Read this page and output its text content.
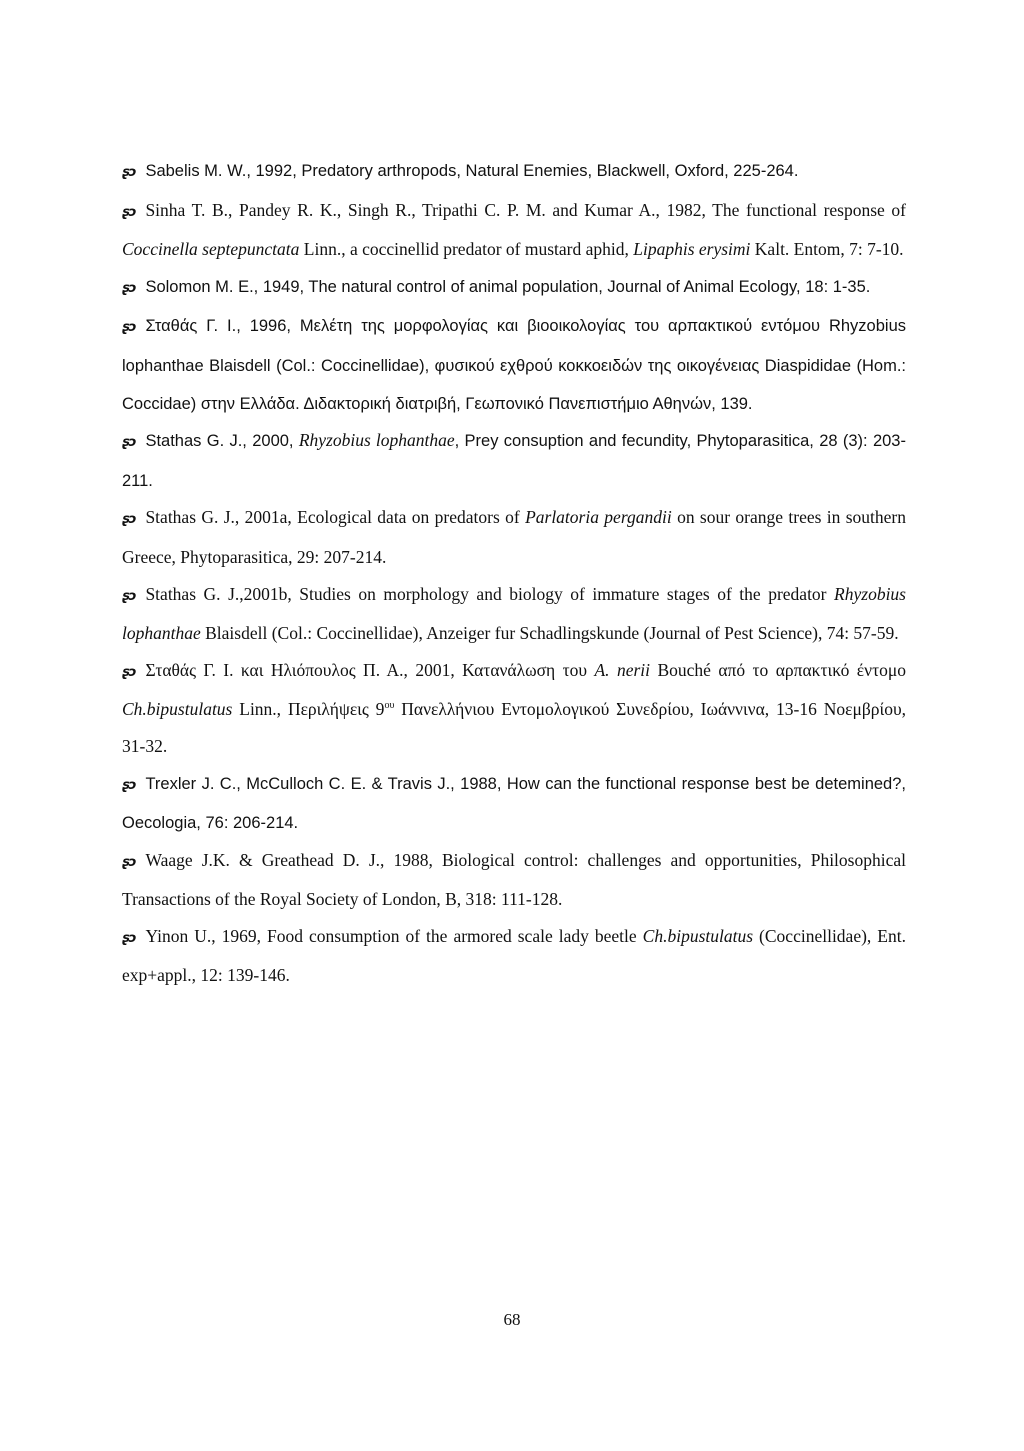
ʂɔ Sabelis M. W., 1992, Predatory arthropods, Natural Enemies, Blackwell, Oxford, 225-264.

ʂɔ Sinha T. B., Pandey R. K., Singh R., Tripathi C. P. M. and Kumar A., 1982, The functional response of Coccinella septepunctata Linn., a coccinellid predator of mustard aphid, Lipaphis erysimi Kalt. Entom, 7: 7-10.

ʂɔ Solomon M. E., 1949, The natural control of animal population, Journal of Animal Ecology, 18: 1-35.

ʂɔ Σταθάς Γ. Ι., 1996, Μελέτη της μορφολογίας και βιοοικολογίας του αρπακτικού εντόμου Rhyzobius lophanthae Blaisdell (Col.: Coccinellidae), φυσικού εχθρού κοκκοειδών της οικογένειας Diaspididae (Hom.: Coccidae) στην Ελλάδα. Διδακτορική διατριβή, Γεωπονικό Πανεπιστήμιο Αθηνών, 139.

ʂɔ Stathas G. J., 2000, Rhyzobius lophanthae, Prey consuption and fecundity, Phytoparasitica, 28 (3): 203-211.

ʂɔ Stathas G. J., 2001a, Ecological data on predators of Parlatoria pergandii on sour orange trees in southern Greece, Phytoparasitica, 29: 207-214.

ʂɔ Stathas G. J.,2001b, Studies on morphology and biology of immature stages of the predator Rhyzobius lophanthae Blaisdell (Col.: Coccinellidae), Anzeiger fur Schadlingskunde (Journal of Pest Science), 74: 57-59.

ʂɔ Σταθάς Γ. Ι. και Ηλιόπουλος Π. Α., 2001, Κατανάλωση του A. nerii Bouché από το αρπακτικό έντομο Ch.bipustulatus Linn., Περιλήψεις $9^{o\upsilon}$ Πανελλήνιου Εντομολογικού Συνεδρίου, Ιωάννινα, 13-16 Νοεμβρίου, 31-32.

ʂɔ Trexler J. C., McCulloch C. E. & Travis J., 1988, How can the functional response best be detemined?, Oecologia, 76: 206-214.

ʂɔ Waage J.K. & Greathead D. J., 1988, Biological control: challenges and opportunities, Philosophical Transactions of the Royal Society of London, B, 318: 111-128.

ʂɔ Yinon U., 1969, Food consumption of the armored scale lady beetle Ch.bipustulatus (Coccinellidae), Ent. exp+appl., 12: 139-146.

68
